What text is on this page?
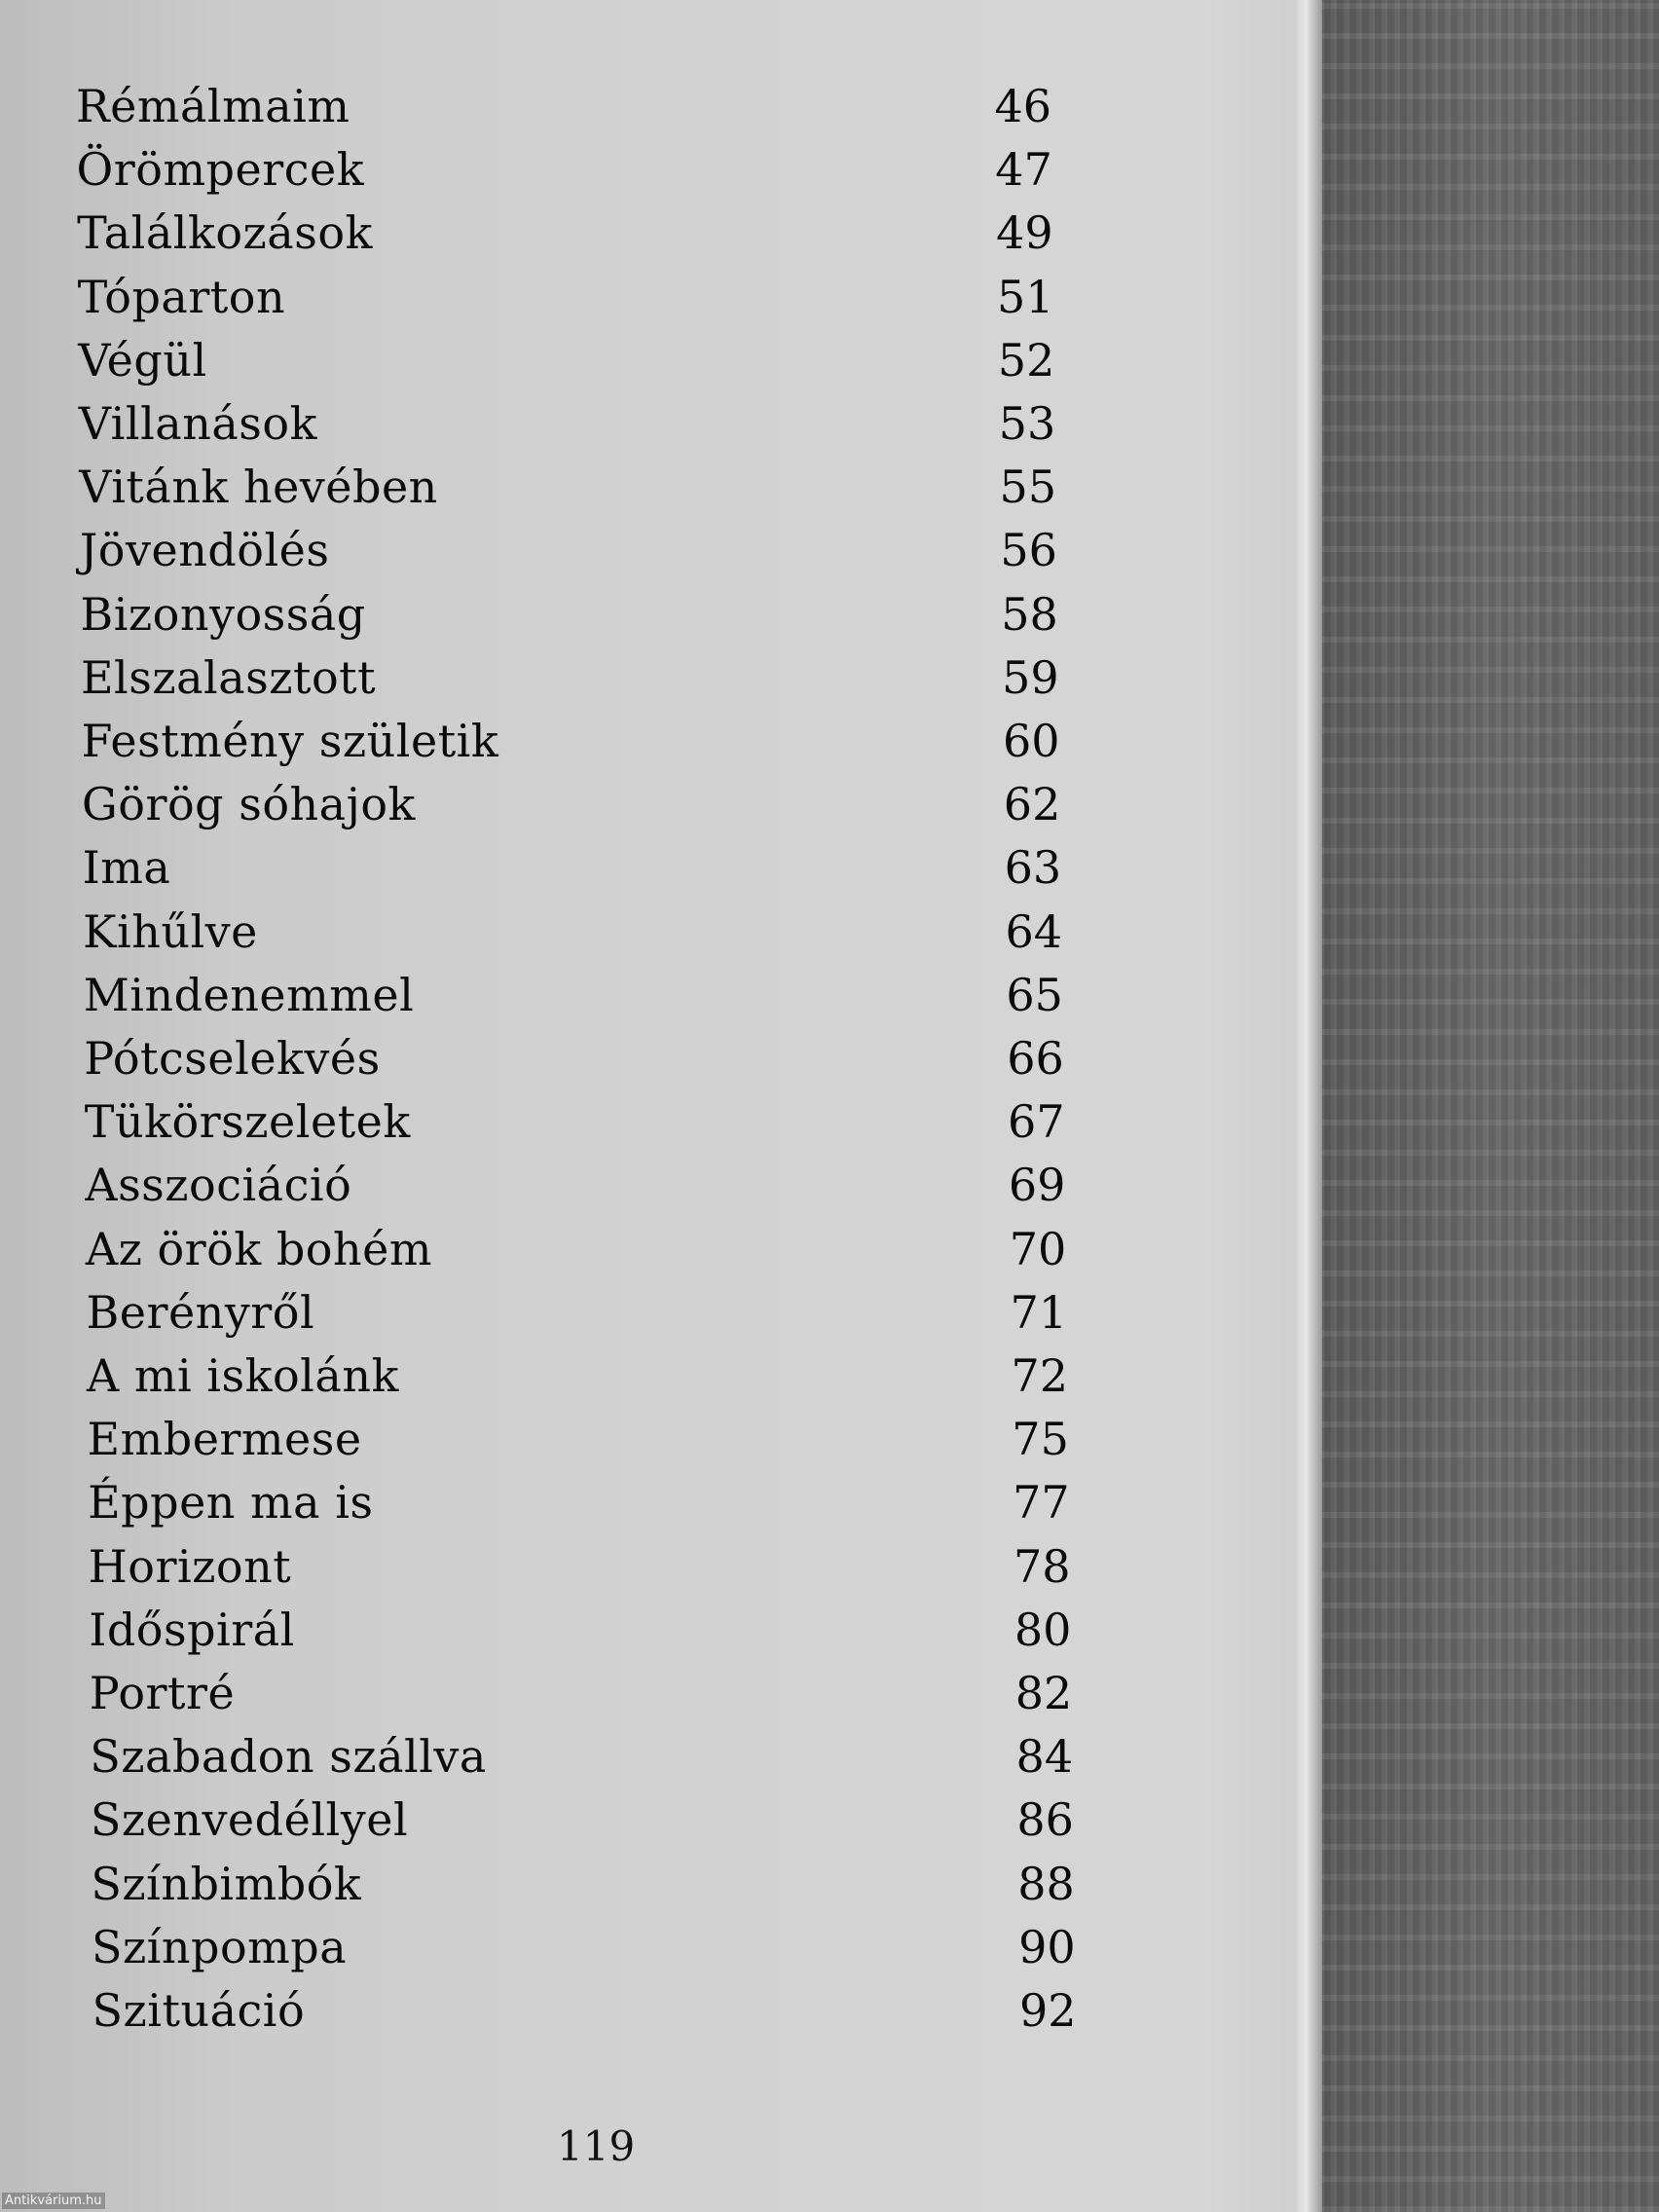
Rémálmaim	46
Örömpercek	47
Találkozások	49
Tóparton	51
Végül	52
Villanások	53
Vitánk hevében	55
Jövendölés	56
Bizonyosság	58
Elszalasztott	59
Festmény születik	60
Görög sóhajok	62
Ima	63
Kihűlve	64
Mindenemmel	65
Pótcselekvés	66
Tükörszeletek	67
Asszociáció	69
Az örök bohém	70
Berényről	71
A mi iskolánk	72
Embermese	75
Éppen ma is	77
Horizont	78
Időspirál	80
Portré	82
Szabadon szállva	84
Szenvedéllyel	86
Színbimbók	88
Színpompa	90
Szituáció	92
119
Antikvárium.hu
